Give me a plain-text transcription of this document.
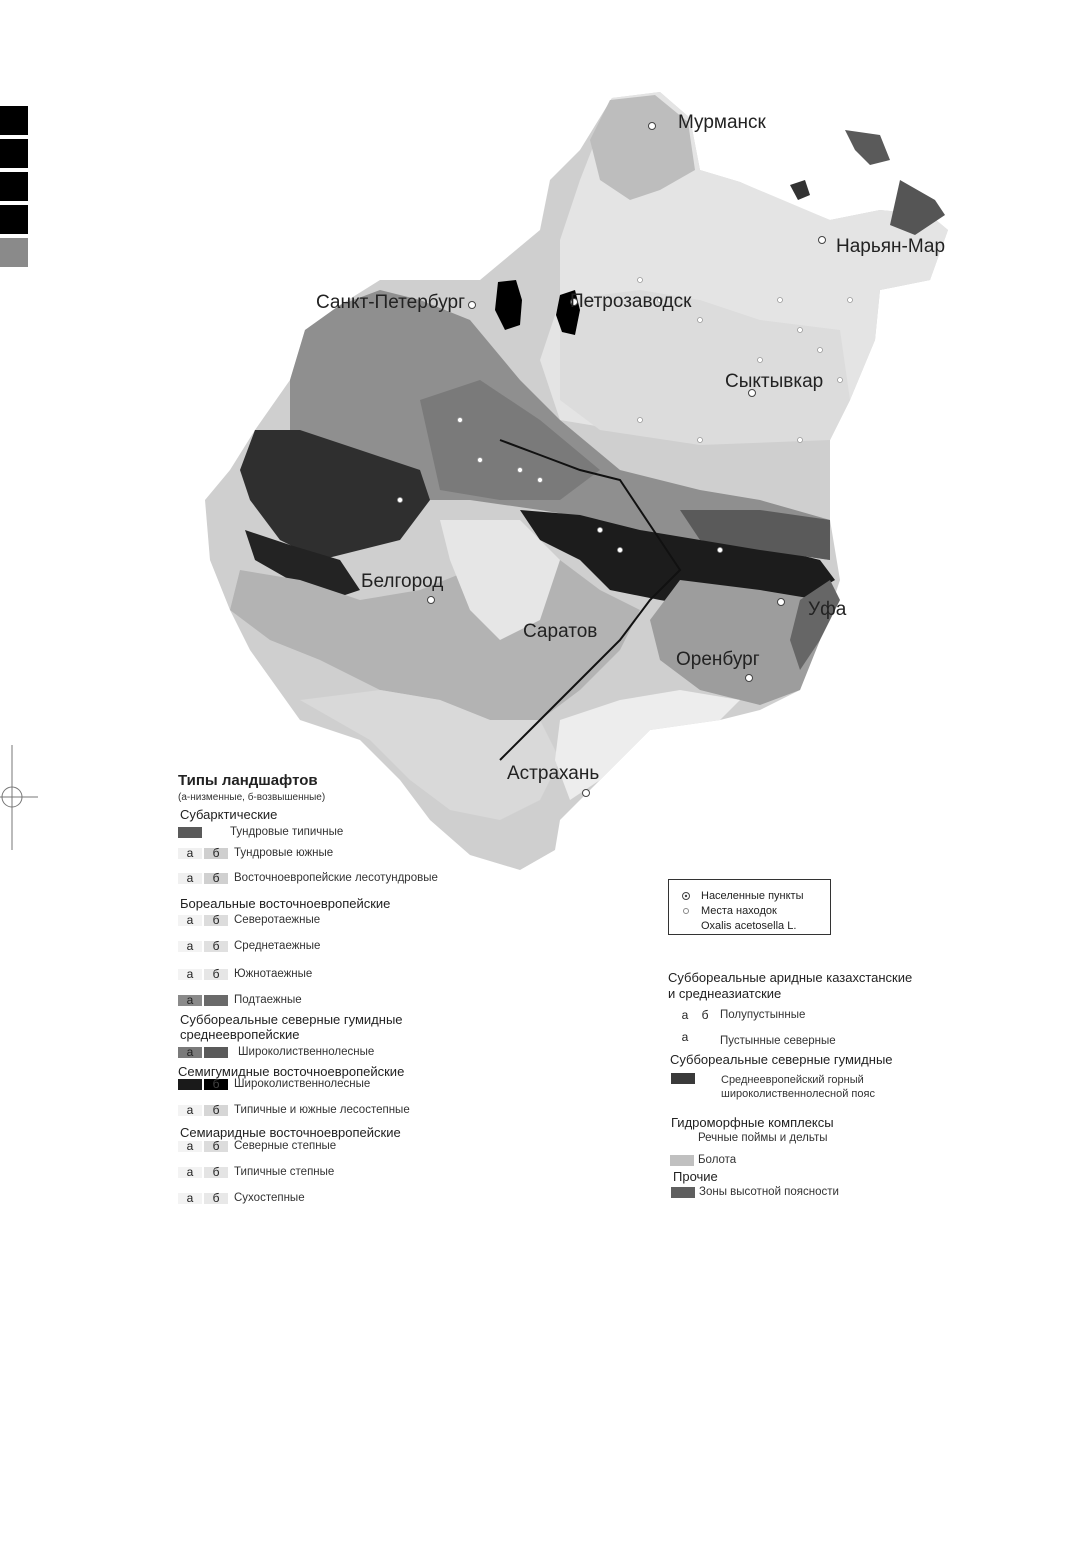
Мурманск
Нарьян-Мар
Санкт-Петербург	Петрозаводск
Сыктывкар
Белгород
Саратов
Уфа
Оренбург
Астрахань
Типы ландшафтов
(а-низменные, б-возвышенные)
Субарктические
Тундровые типичные
а	б	Тундровые южные
а	б	Восточноевропейские лесотундровые
Бореальные восточноевропейские
а	б	Северотаежные
а	б	Среднетаежные
а	б	Южнотаежные
а	Подтаежные
Суббореальные северные гумидные
среднеевропейские
а	Широколиственнолесные
Семигумидные восточноевропейские
б	Широколиственнолесные
а	б	Типичные и южные лесостепные
Семиаридные восточноевропейские
а	б	Северные степные
а	б	Типичные степные
а	б	Сухостепные
Населенные пункты
Места находок
Oxalis acetosella L.
Суббореальные аридные казахстанские
и среднеазиатские
а	б	Полупустынные
а	Пустынные северные
Суббореальные северные гумидные
Среднеевропейский горный
широколиственнолесной пояс
Гидроморфные комплексы
Речные поймы и дельты
Болота
Прочие
Зоны высотной поясности
